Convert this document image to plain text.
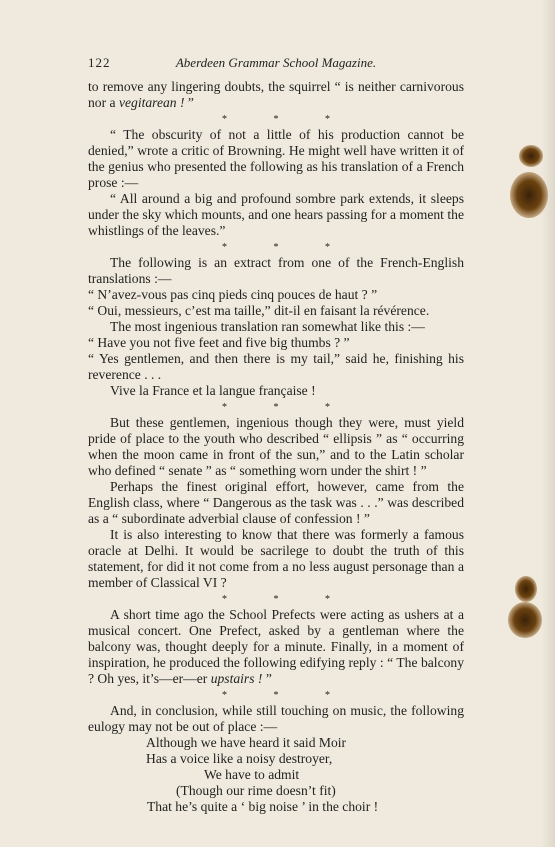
122	Aberdeen Grammar School Magazine.

to remove any lingering doubts, the squirrel “ is neither carnivorous nor a vegitarean ! ”

* * *

“ The obscurity of not a little of his production cannot be denied,” wrote a critic of Browning. He might well have written it of the genius who presented the following as his translation of a French prose :—

“ All around a big and profound sombre park extends, it sleeps under the sky which mounts, and one hears passing for a moment the whistlings of the leaves.”

* * *

The following is an extract from one of the French-English translations :—

“ N’avez-vous pas cinq pieds cinq pouces de haut ? ”

“ Oui, messieurs, c’est ma taille,” dit-il en faisant la révérence.

The most ingenious translation ran somewhat like this :—

“ Have you not five feet and five big thumbs ? ”

“ Yes gentlemen, and then there is my tail,” said he, finishing his reverence . . .

Vive la France et la langue française !

* * *

But these gentlemen, ingenious though they were, must yield pride of place to the youth who described “ ellipsis ” as “ occurring when the moon came in front of the sun,” and to the Latin scholar who defined “ senate ” as “ something worn under the shirt ! ”

Perhaps the finest original effort, however, came from the English class, where “ Dangerous as the task was . . .” was described as a “ subordinate adverbial clause of confession ! ”

It is also interesting to know that there was formerly a famous oracle at Delhi. It would be sacrilege to doubt the truth of this statement, for did it not come from a no less august personage than a member of Classical VI ?

* * *

A short time ago the School Prefects were acting as ushers at a musical concert. One Prefect, asked by a gentleman where the balcony was, thought deeply for a minute. Finally, in a moment of inspiration, he produced the following edifying reply : “ The balcony ? Oh yes, it’s—er—er upstairs ! ”

* * *

And, in conclusion, while still touching on music, the following eulogy may not be out of place :—

Although we have heard it said Moir
Has a voice like a noisy destroyer,
We have to admit
(Though our rime doesn’t fit)
That he’s quite a ‘ big noise ’ in the choir !
